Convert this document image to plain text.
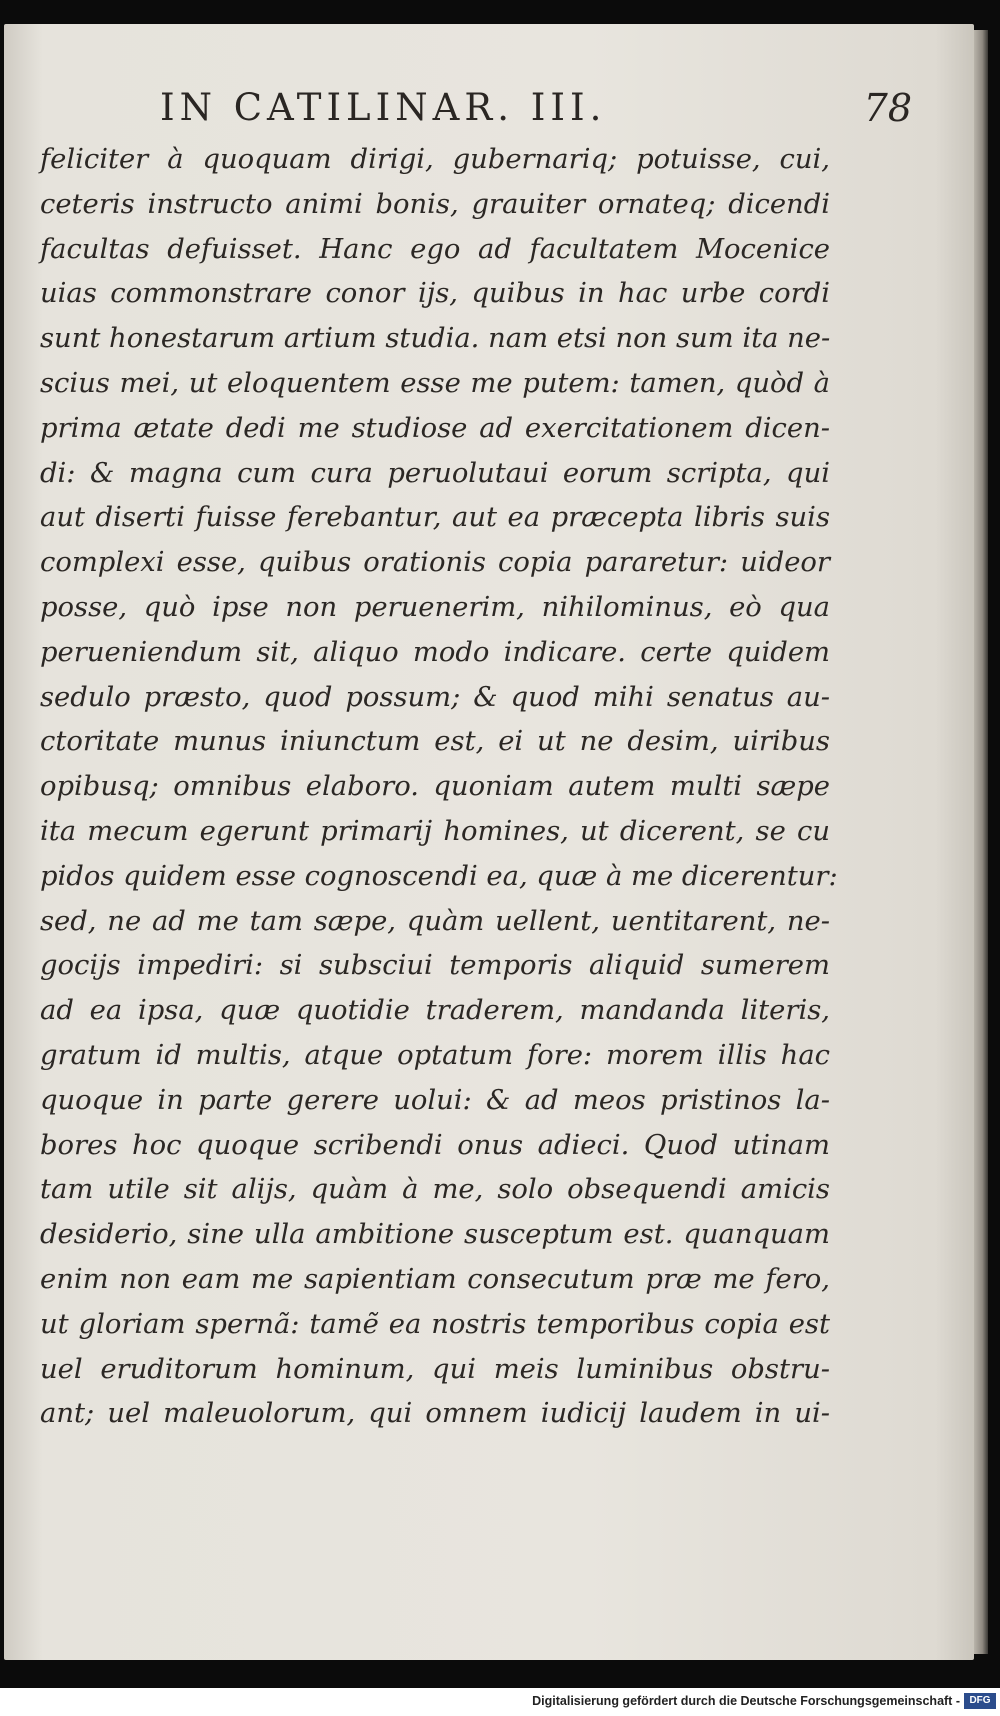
IN CATILINAR. III.	78
feliciter à quoquam dirigi, gubernariq; potuisse, cui,
ceteris instructo animi bonis, grauiter ornateq; dicendi
facultas defuisset. Hanc ego ad facultatem Mocenice
uias commonstrare conor ijs, quibus in hac urbe cordi
sunt honestarum artium studia. nam etsi non sum ita ne-
scius mei, ut eloquentem esse me putem: tamen, quòd à
prima ætate dedi me studiose ad exercitationem dicen-
di: & magna cum cura peruolutaui eorum scripta, qui
aut diserti fuisse ferebantur, aut ea præcepta libris suis
complexi esse, quibus orationis copia pararetur: uideor
posse, quò ipse non peruenerim, nihilominus, eò qua
perueniendum sit, aliquo modo indicare. certe quidem
sedulo præsto, quod possum; & quod mihi senatus au-
ctoritate munus iniunctum est, ei ut ne desim, uiribus
opibusq; omnibus elaboro. quoniam autem multi sæpe
ita mecum egerunt primarij homines, ut dicerent, se cu
pidos quidem esse cognoscendi ea, quæ à me dicerentur:
sed, ne ad me tam sæpe, quàm uellent, uentitarent, ne-
gocijs impediri: si subsciui temporis aliquid sumerem
ad ea ipsa, quæ quotidie traderem, mandanda literis,
gratum id multis, atque optatum fore: morem illis hac
quoque in parte gerere uolui: & ad meos pristinos la-
bores hoc quoque scribendi onus adieci. Quod utinam
tam utile sit alijs, quàm à me, solo obsequendi amicis
desiderio, sine ulla ambitione susceptum est. quanquam
enim non eam me sapientiam consecutum præ me fero,
ut gloriam spernã: tamẽ ea nostris temporibus copia est
uel eruditorum hominum, qui meis luminibus obstru-
ant; uel maleuolorum, qui omnem iudicij laudem in ui-
Digitalisierung gefördert durch die Deutsche Forschungsgemeinschaft - DFG
